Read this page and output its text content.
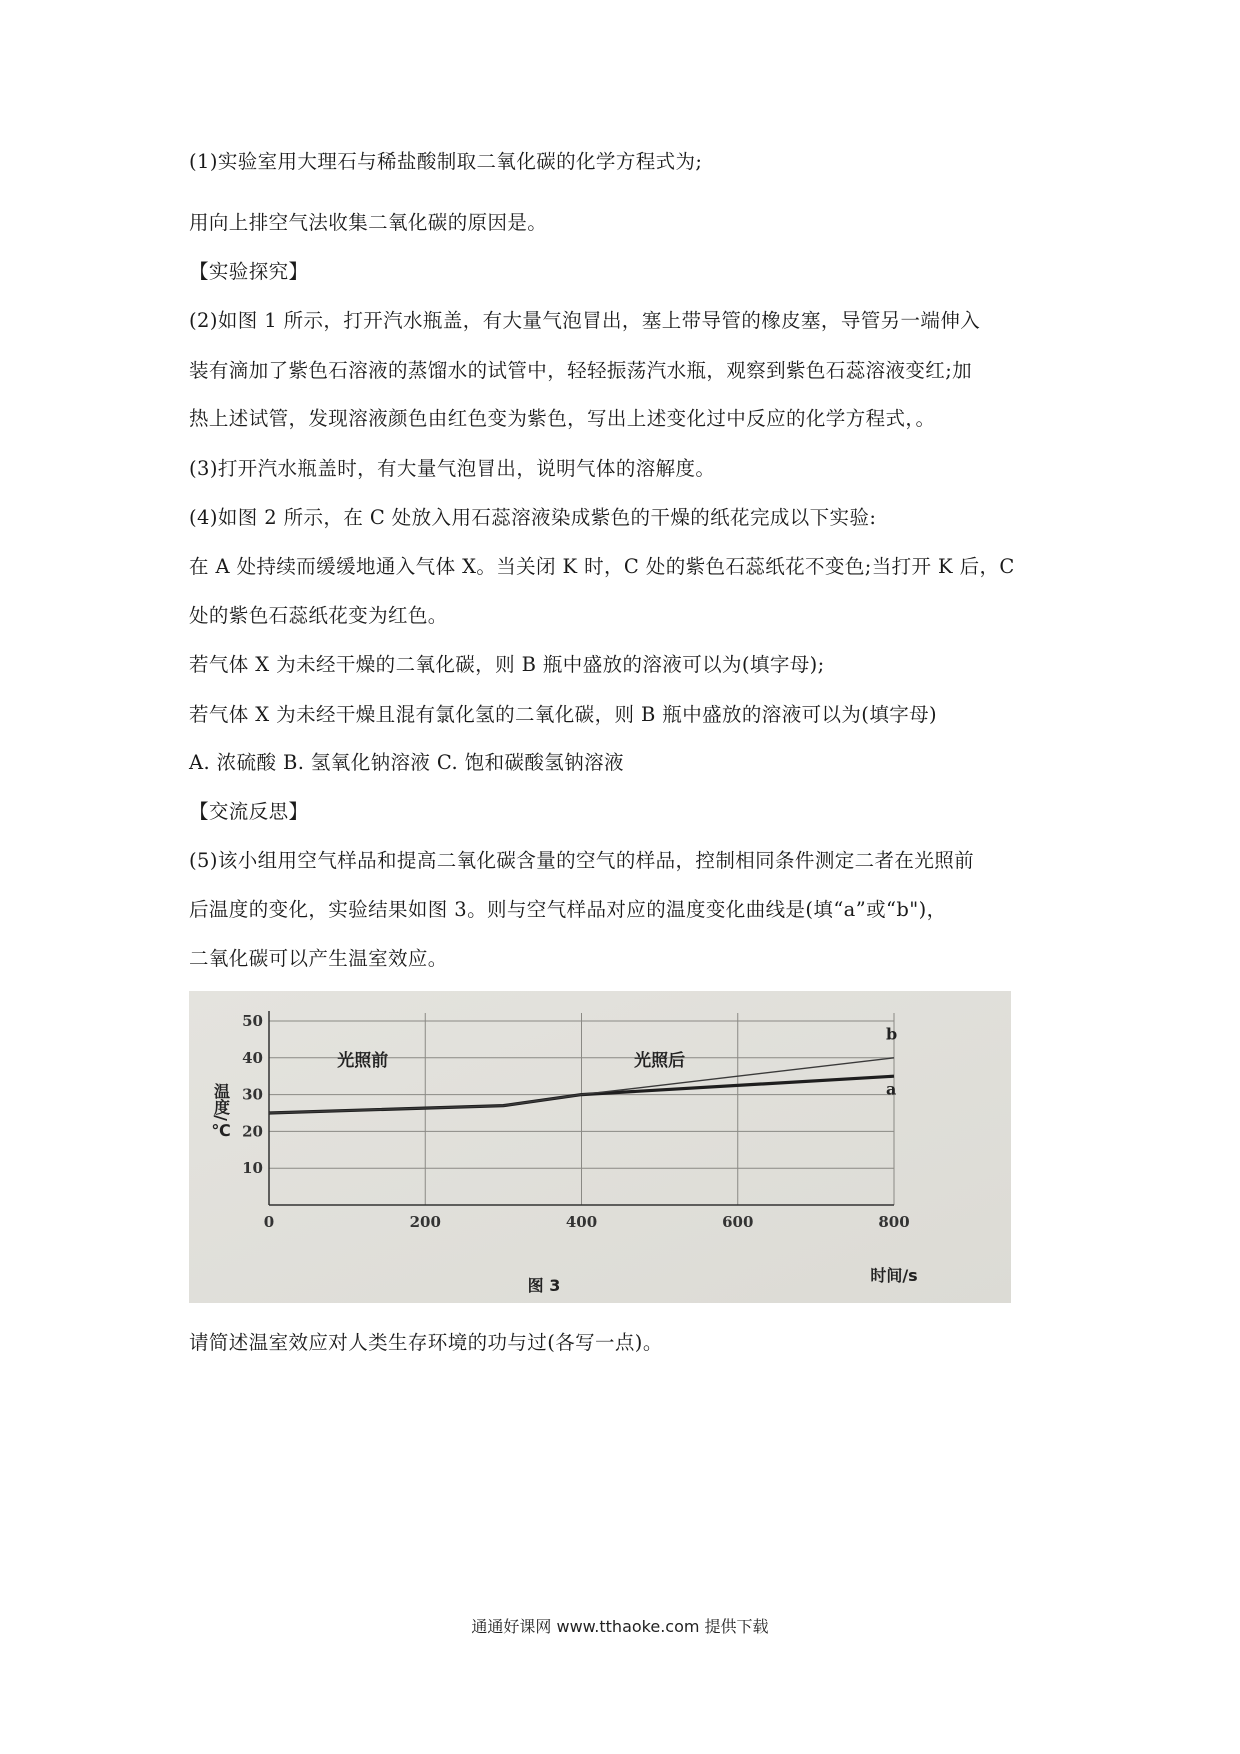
(1)实验室用大理石与稀盐酸制取二氧化碳的化学方程式为;
用向上排空气法收集二氧化碳的原因是。
【实验探究】
(2)如图 1 所示，打开汽水瓶盖，有大量气泡冒出，塞上带导管的橡皮塞，导管另一端伸入
装有滴加了紫色石溶液的蒸馏水的试管中，轻轻振荡汽水瓶，观察到紫色石蕊溶液变红;加
热上述试管，发现溶液颜色由红色变为紫色，写出上述变化过中反应的化学方程式，。
(3)打开汽水瓶盖时，有大量气泡冒出，说明气体的溶解度。
(4)如图 2 所示，在 C 处放入用石蕊溶液染成紫色的干燥的纸花完成以下实验:
在 A 处持续而缓缓地通入气体 X。当关闭 K 时，C 处的紫色石蕊纸花不变色;当打开 K 后，C
处的紫色石蕊纸花变为红色。
若气体 X 为未经干燥的二氧化碳，则 B 瓶中盛放的溶液可以为(填字母);
若气体 X 为未经干燥且混有氯化氢的二氧化碳，则 B 瓶中盛放的溶液可以为(填字母)
A. 浓硫酸 B. 氢氧化钠溶液 C. 饱和碳酸氢钠溶液
【交流反思】
(5)该小组用空气样品和提高二氧化碳含量的空气的样品，控制相同条件测定二者在光照前
后温度的变化，实验结果如图 3。则与空气样品对应的温度变化曲线是(填“a”或“b")，
二氧化碳可以产生温室效应。
10
20
30
40
50
0	200	400	600	800
a
b
光照前	光照后
温度/℃
时间/s
图 3
请简述温室效应对人类生存环境的功与过(各写一点)。
通通好课网 www.tthaoke.com 提供下载
